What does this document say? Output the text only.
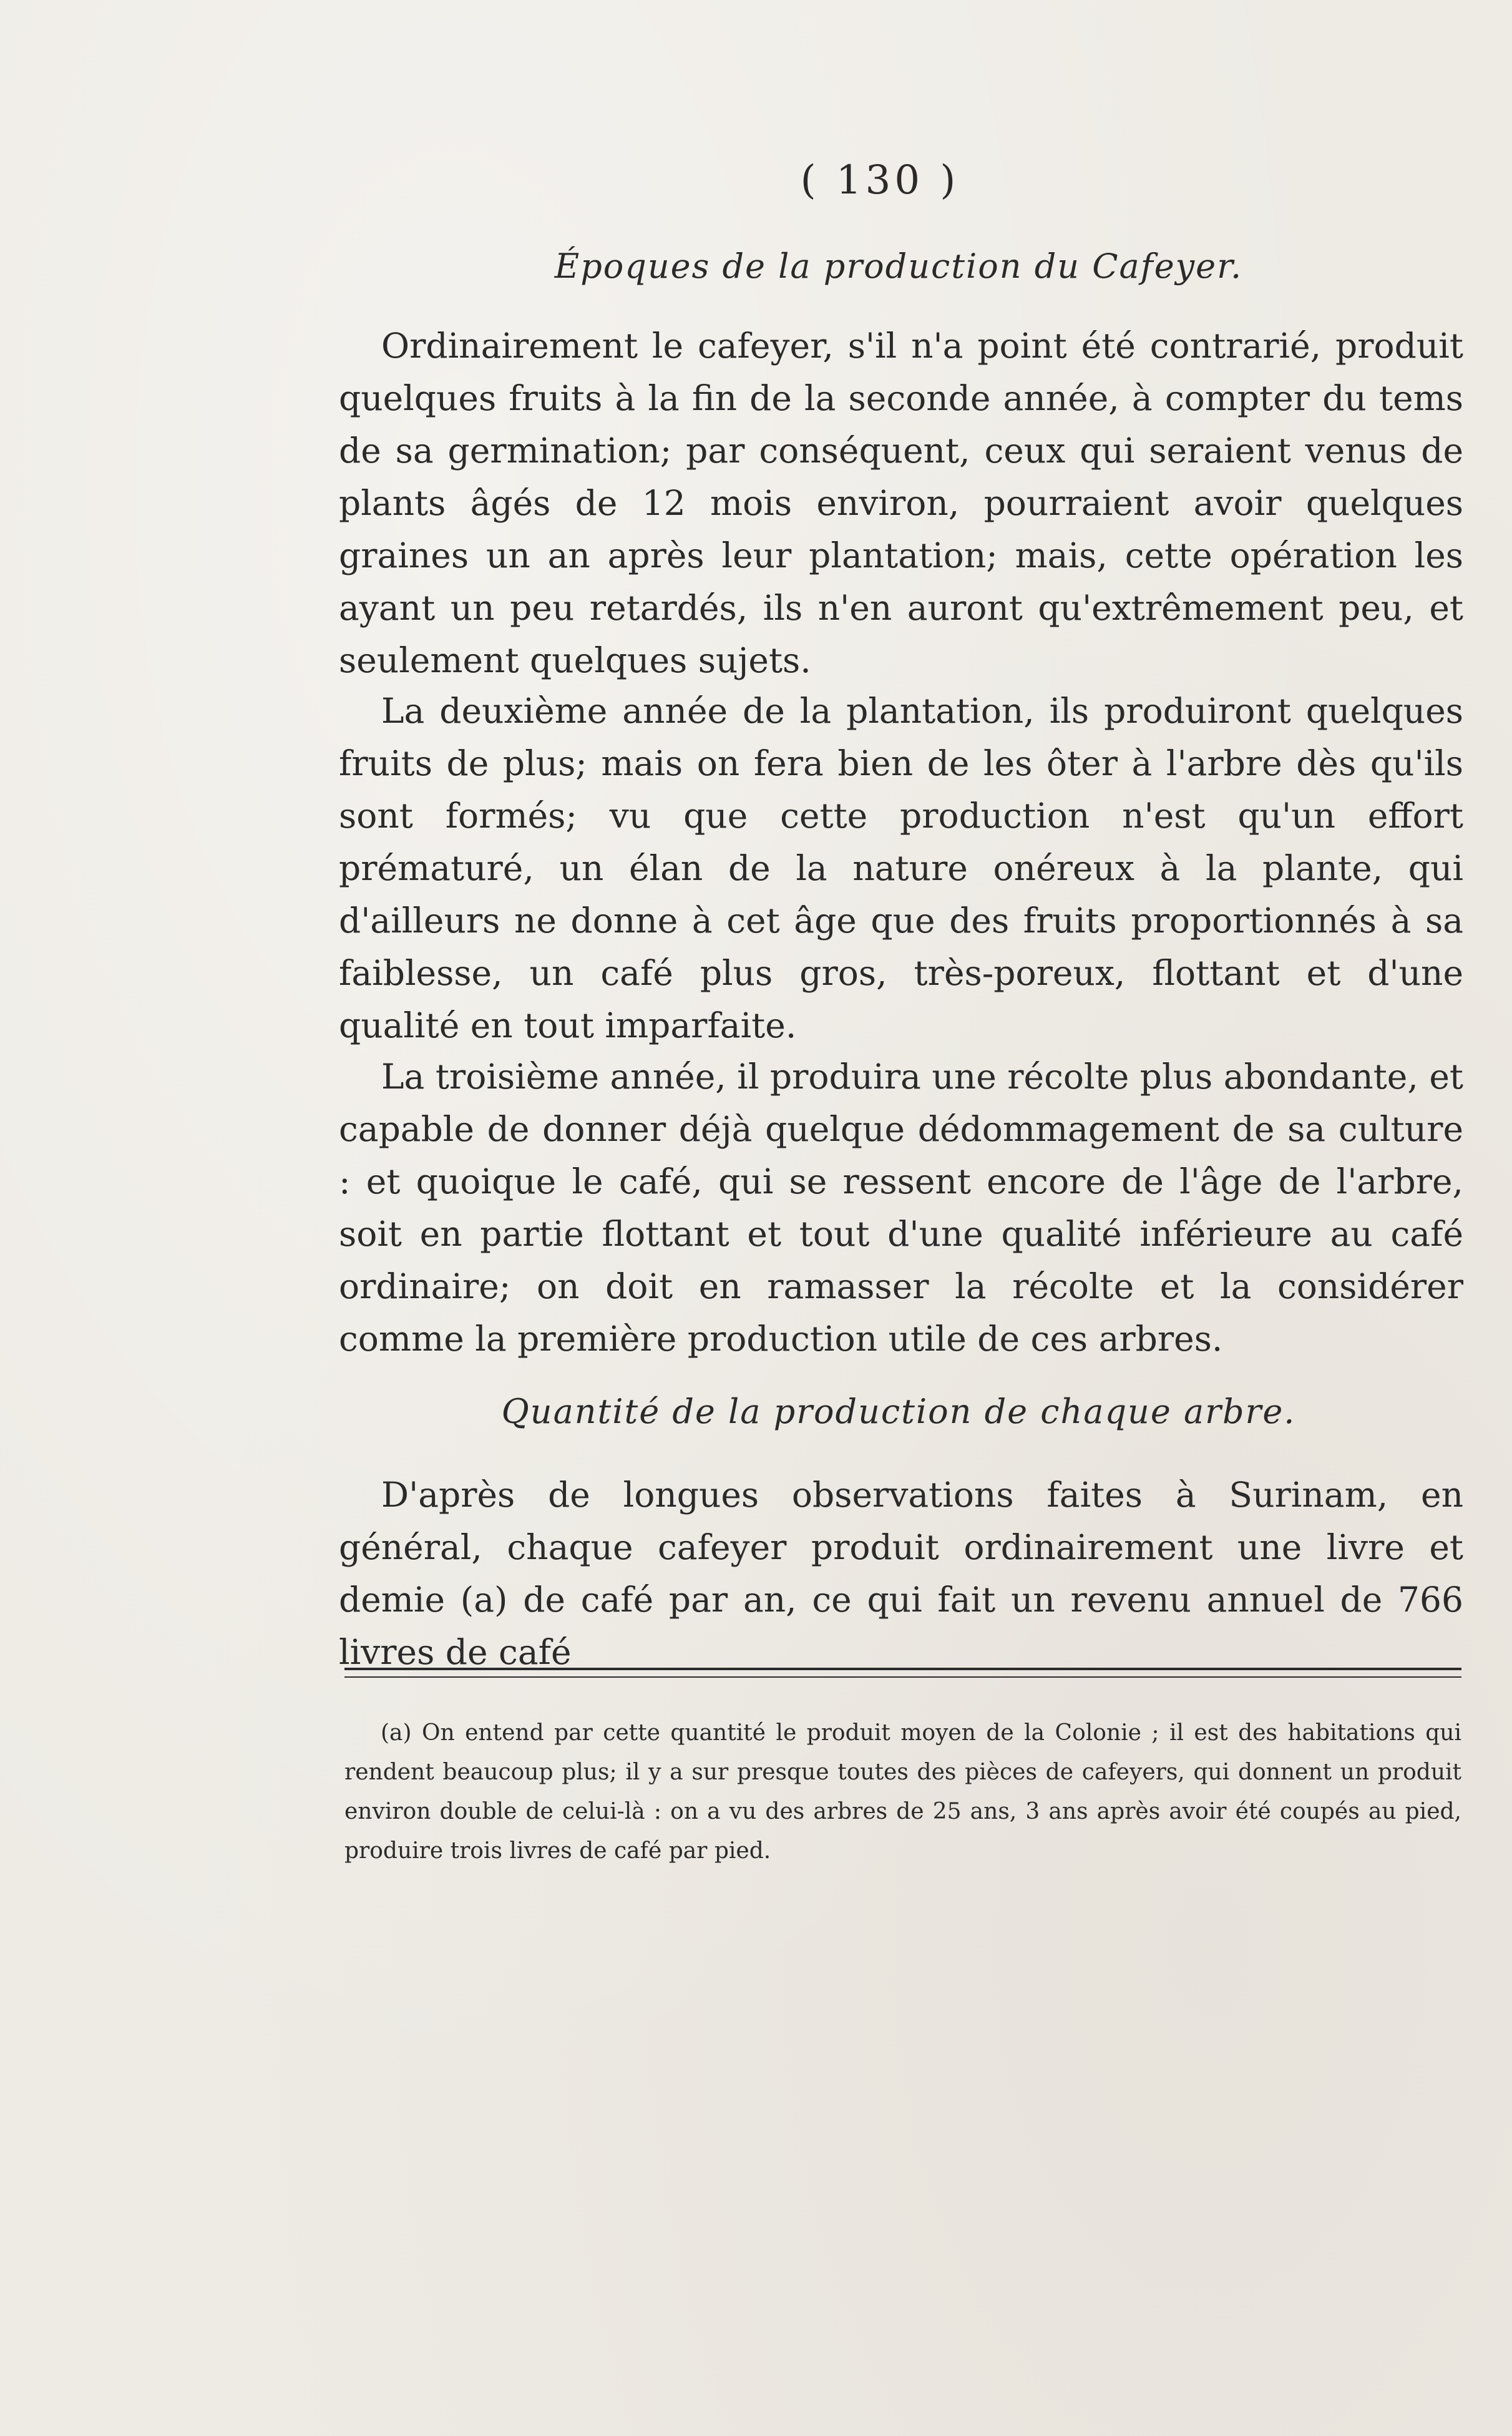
( 130 )
Époques de la production du Cafeyer.

Ordinairement le cafeyer, s'il n'a point été contrarié, produit quelques fruits à la fin de la seconde année, à compter du tems de sa germination; par conséquent, ceux qui seraient venus de plants âgés de 12 mois environ, pourraient avoir quelques graines un an après leur plantation; mais, cette opération les ayant un peu retardés, ils n'en auront qu'extrêmement peu, et seulement quelques sujets.

La deuxième année de la plantation, ils produiront quelques fruits de plus; mais on fera bien de les ôter à l'arbre dès qu'ils sont formés; vu que cette production n'est qu'un effort prématuré, un élan de la nature onéreux à la plante, qui d'ailleurs ne donne à cet âge que des fruits proportionnés à sa faiblesse, un café plus gros, très-poreux, flottant et d'une qualité en tout imparfaite.

La troisième année, il produira une récolte plus abondante, et capable de donner déjà quelque dédommagement de sa culture : et quoique le café, qui se ressent encore de l'âge de l'arbre, soit en partie flottant et tout d'une qualité inférieure au café ordinaire; on doit en ramasser la récolte et la considérer comme la première production utile de ces arbres.

Quantité de la production de chaque arbre.

D'après de longues observations faites à Surinam, en général, chaque cafeyer produit ordinairement une livre et demie (a) de café par an, ce qui fait un revenu annuel de 766 livres de café

(a) On entend par cette quantité le produit moyen de la Colonie ; il est des habitations qui rendent beaucoup plus; il y a sur presque toutes des pièces de cafeyers, qui donnent un produit environ double de celui-là : on a vu des arbres de 25 ans, 3 ans après avoir été coupés au pied, produire trois livres de café par pied.
